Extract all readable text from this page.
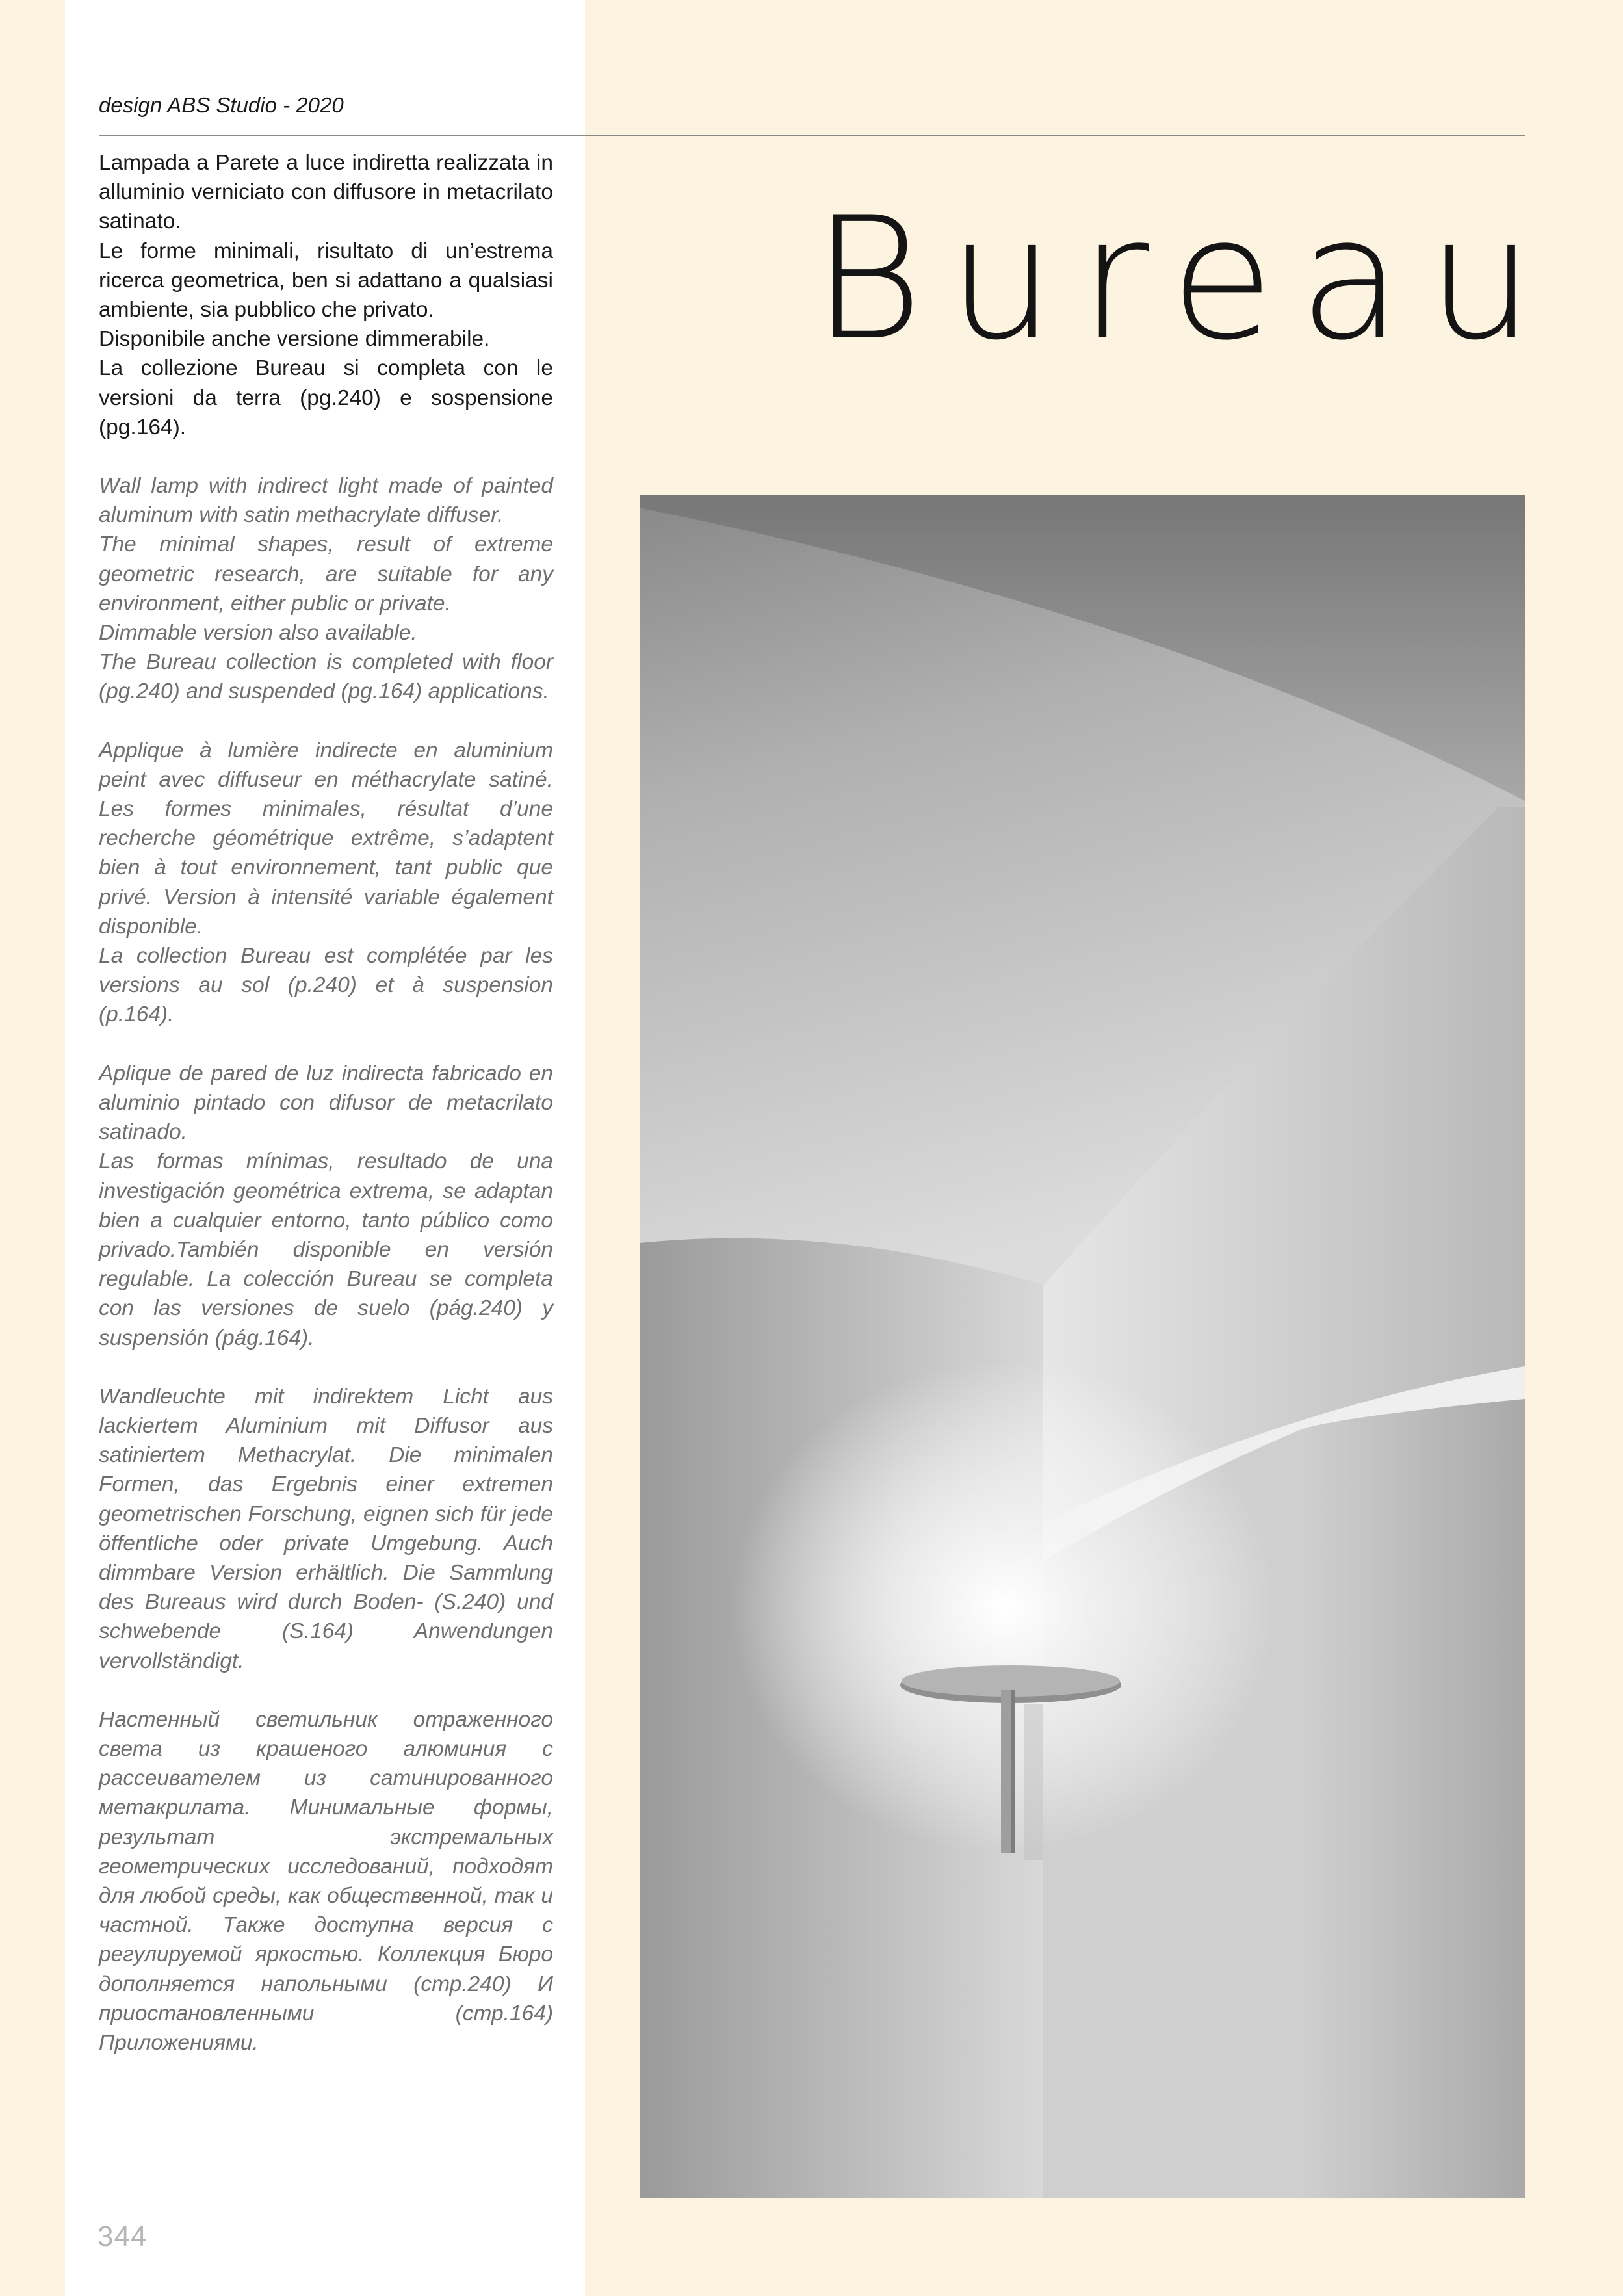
design ABS Studio - 2020

Lampada a Parete a luce indiretta realizzata in alluminio verniciato con diffusore in metacrilato satinato.
Le forme minimali, risultato di un’estrema ricerca geometrica, ben si adattano a qualsiasi ambiente, sia pubblico che privato.
Disponibile anche versione dimmerabile.
La collezione Bureau si completa con le versioni da terra (pg.240) e sospensione (pg.164).

Wall lamp with indirect light made of painted aluminum with satin methacrylate diffuser.
The minimal shapes, result of extreme geometric research, are suitable for any environment, either public or private.
Dimmable version also available.
The Bureau collection is completed with floor (pg.240) and suspended (pg.164) applications.

Applique à lumière indirecte en aluminium peint avec diffuseur en méthacrylate satiné. Les formes minimales, résultat d’une recherche géométrique extrême, s’adaptent bien à tout environnement, tant public que privé. Version à intensité variable également disponible.
La collection Bureau est complétée par les versions au sol (p.240) et à suspension (p.164).

Aplique de pared de luz indirecta fabricado en aluminio pintado con difusor de metacrilato satinado.
Las formas mínimas, resultado de una investigación geométrica extrema, se adaptan bien a cualquier entorno, tanto público como privado.También disponible en versión regulable. La colección Bureau se completa con las versiones de suelo (pág.240) y suspensión (pág.164).

Wandleuchte mit indirektem Licht aus lackiertem Aluminium mit Diffusor aus satiniertem Methacrylat. Die minimalen Formen, das Ergebnis einer extremen geometrischen Forschung, eignen sich für jede öffentliche oder private Umgebung. Auch dimmbare Version erhältlich. Die Sammlung des Bureaus wird durch Boden- (S.240) und schwebende (S.164) Anwendungen vervollständigt.

Настенный светильник отраженного света из крашеного алюминия с рассеивателем из сатинированного метакрилата. Минимальные формы, результат экстремальных геометрических исследований, подходят для любой среды, как общественной, так и частной. Также доступна версия с регулируемой яркостью. Коллекция Бюро дополняется напольными (стр.240) И приостановленными (стр.164) Приложениями.

Bureau
344
